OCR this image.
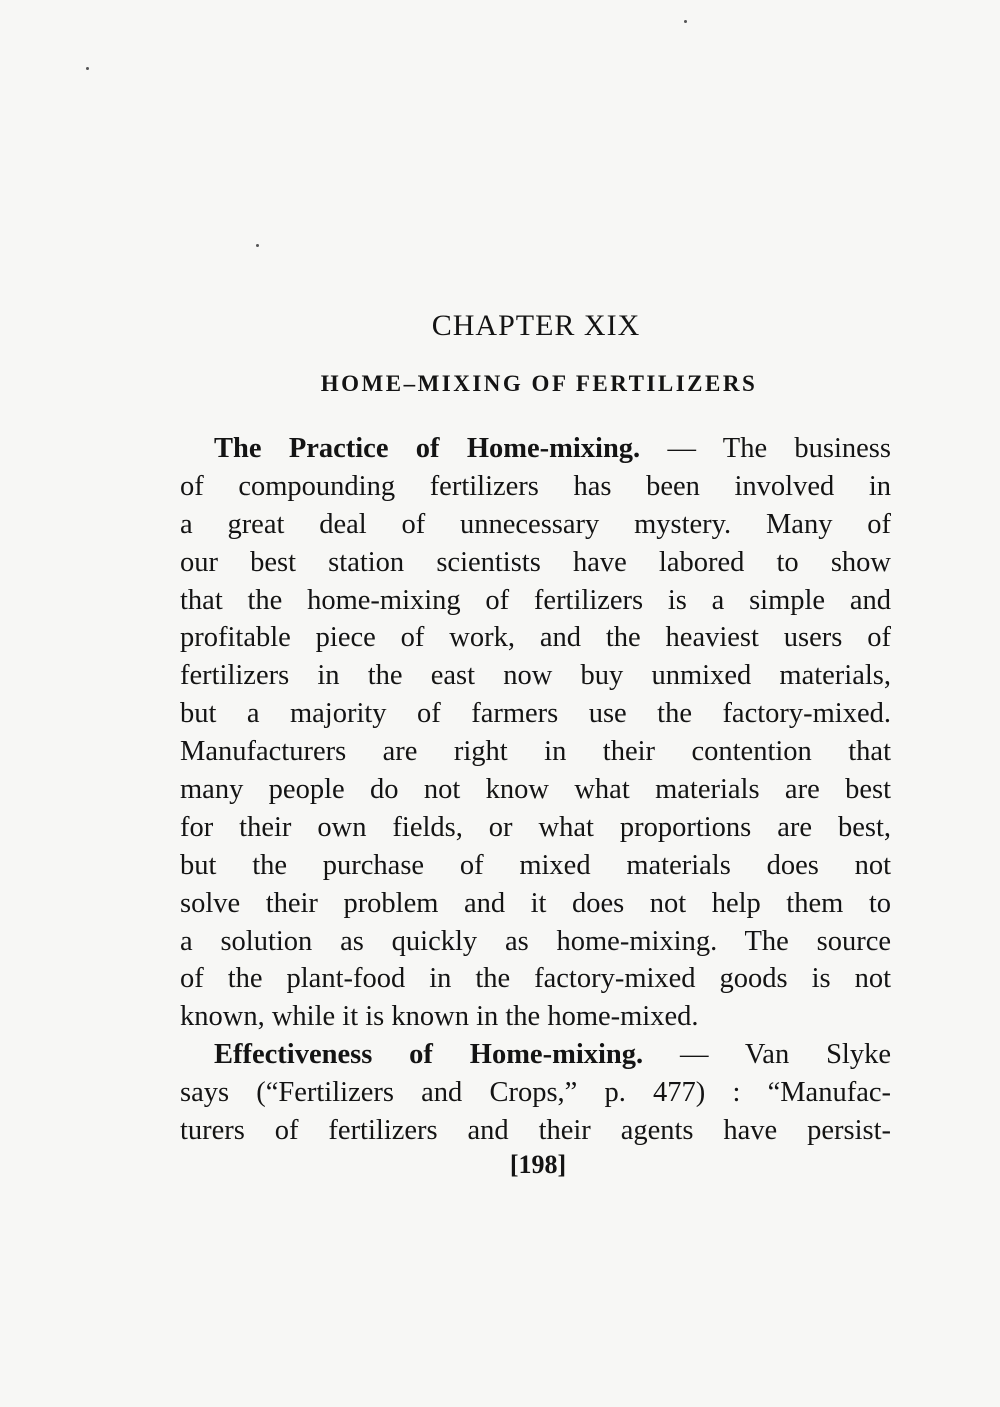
CHAPTER XIX
HOME–MIXING OF FERTILIZERS
The Practice of Home-mixing. — The business
of compounding fertilizers has been involved in
a great deal of unnecessary mystery. Many of
our best station scientists have labored to show
that the home-mixing of fertilizers is a simple and
profitable piece of work, and the heaviest users of
fertilizers in the east now buy unmixed materials,
but a majority of farmers use the factory-mixed.
Manufacturers are right in their contention that
many people do not know what materials are best
for their own fields, or what proportions are best,
but the purchase of mixed materials does not
solve their problem and it does not help them to
a solution as quickly as home-mixing. The source
of the plant-food in the factory-mixed goods is not
known, while it is known in the home-mixed.
Effectiveness of Home-mixing. — Van Slyke
says (“Fertilizers and Crops,” p. 477) : “Manufac-
turers of fertilizers and their agents have persist-
[198]
